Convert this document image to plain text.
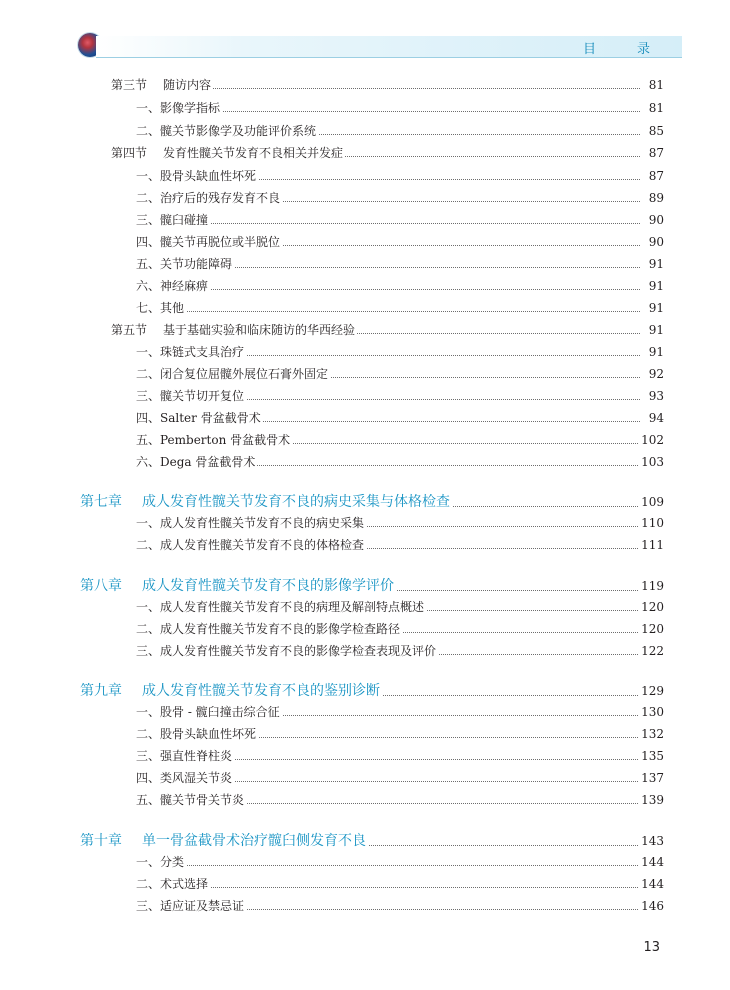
目　录
第三节 随访内容	81
一、影像学指标	81
二、髋关节影像学及功能评价系统	85
第四节 发育性髋关节发育不良相关并发症	87
一、股骨头缺血性坏死	87
二、治疗后的残存发育不良	89
三、髋臼碰撞	90
四、髋关节再脱位或半脱位	90
五、关节功能障碍	91
六、神经麻痹	91
七、其他	91
第五节 基于基础实验和临床随访的华西经验	91
一、珠链式支具治疗	91
二、闭合复位屈髋外展位石膏外固定	92
三、髋关节切开复位	93
四、Salter 骨盆截骨术	94
五、Pemberton 骨盆截骨术	102
六、Dega 骨盆截骨术	103
第七章 成人发育性髋关节发育不良的病史采集与体格检查	109
一、成人发育性髋关节发育不良的病史采集	110
二、成人发育性髋关节发育不良的体格检查	111
第八章 成人发育性髋关节发育不良的影像学评价	119
一、成人发育性髋关节发育不良的病理及解剖特点概述	120
二、成人发育性髋关节发育不良的影像学检查路径	120
三、成人发育性髋关节发育不良的影像学检查表现及评价	122
第九章 成人发育性髋关节发育不良的鉴别诊断	129
一、股骨 - 髋臼撞击综合征	130
二、股骨头缺血性坏死	132
三、强直性脊柱炎	135
四、类风湿关节炎	137
五、髋关节骨关节炎	139
第十章 单一骨盆截骨术治疗髋臼侧发育不良	143
一、分类	144
二、术式选择	144
三、适应证及禁忌证	146
13
